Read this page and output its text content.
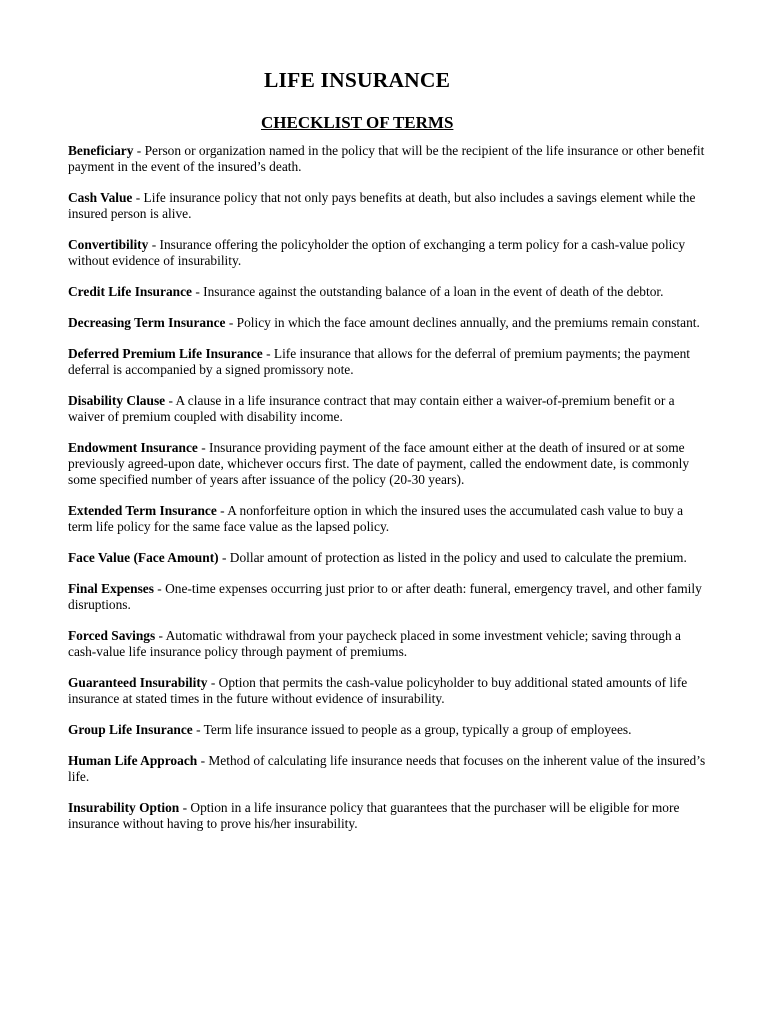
LIFE INSURANCE
CHECKLIST OF TERMS

Beneficiary - Person or organization named in the policy that will be the recipient of the life insurance or other benefit payment in the event of the insured’s death.

Cash Value - Life insurance policy that not only pays benefits at death, but also includes a savings element while the insured person is alive.

Convertibility - Insurance offering the policyholder the option of exchanging a term policy for a cash-value policy without evidence of insurability.

Credit Life Insurance - Insurance against the outstanding balance of a loan in the event of death of the debtor.

Decreasing Term Insurance - Policy in which the face amount declines annually, and the premiums remain constant.

Deferred Premium Life Insurance - Life insurance that allows for the deferral of premium payments; the payment deferral is accompanied by a signed promissory note.

Disability Clause - A clause in a life insurance contract that may contain either a waiver-of-premium benefit or a waiver of premium coupled with disability income.

Endowment Insurance - Insurance providing payment of the face amount either at the death of insured or at some previously agreed-upon date, whichever occurs first. The date of payment, called the endowment date, is commonly some specified number of years after issuance of the policy (20-30 years).

Extended Term Insurance - A nonforfeiture option in which the insured uses the accumulated cash value to buy a term life policy for the same face value as the lapsed policy.

Face Value (Face Amount) - Dollar amount of protection as listed in the policy and used to calculate the premium.

Final Expenses - One-time expenses occurring just prior to or after death: funeral, emergency travel, and other family disruptions.

Forced Savings - Automatic withdrawal from your paycheck placed in some investment vehicle; saving through a cash-value life insurance policy through payment of premiums.

Guaranteed Insurability - Option that permits the cash-value policyholder to buy additional stated amounts of life insurance at stated times in the future without evidence of insurability.

Group Life Insurance - Term life insurance issued to people as a group, typically a group of employees.

Human Life Approach - Method of calculating life insurance needs that focuses on the inherent value of the insured’s life.

Insurability Option - Option in a life insurance policy that guarantees that the purchaser will be eligible for more insurance without having to prove his/her insurability.
